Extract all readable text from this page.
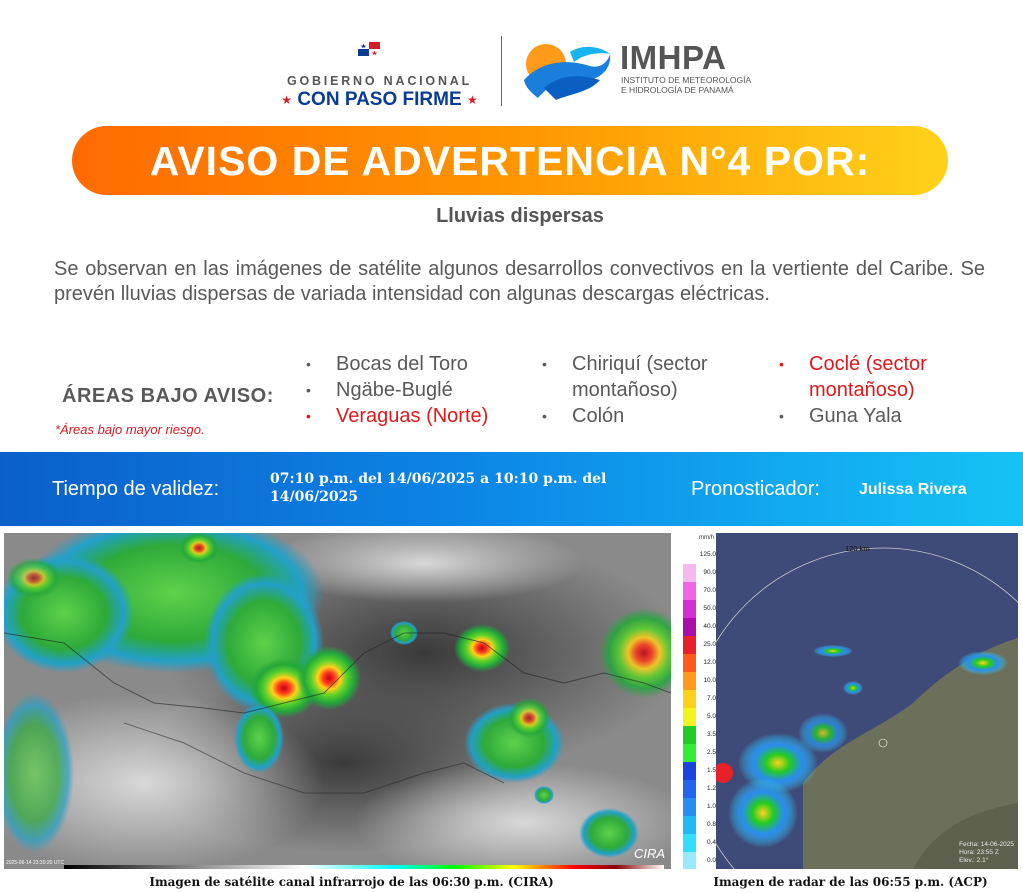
GOBIERNO NACIONAL
★ CON PASO FIRME ★
IMHPA
INSTITUTO DE METEOROLOGÍA
E HIDROLOGÍA DE PANAMÁ
AVISO DE ADVERTENCIA N°4 POR:
Lluvias dispersas
Se observan en las imágenes de satélite algunos desarrollos convectivos en la vertiente del Caribe. Se prevén lluvias dispersas de variada intensidad con algunas descargas eléctricas.
ÁREAS BAJO AVISO:
*Áreas bajo mayor riesgo.
• Bocas del Toro
• Ngäbe-Buglé
• Veraguas (Norte)
• Chiriquí (sector montañoso)
• Colón
• Coclé (sector montañoso)
• Guna Yala
Tiempo de validez:	07:10 p.m. del 14/06/2025 a 10:10 p.m. del 14/06/2025	Pronosticador: Julissa Rivera
2025-06-14 23:30:20 UTC
CIRA
mm/h
125.0
90.0
70.0
50.0
40.0
25.0
12.0
10.0
7.0
5.0
3.5
2.5
1.5
1.2
1.0
0.8
0.4
0.0
120 km
Fecha: 14-06-2025
Hora: 23:55 Z
Elev.: 2.1°
Imagen de satélite canal infrarrojo de las 06:30 p.m. (CIRA)	Imagen de radar de las 06:55 p.m. (ACP)
